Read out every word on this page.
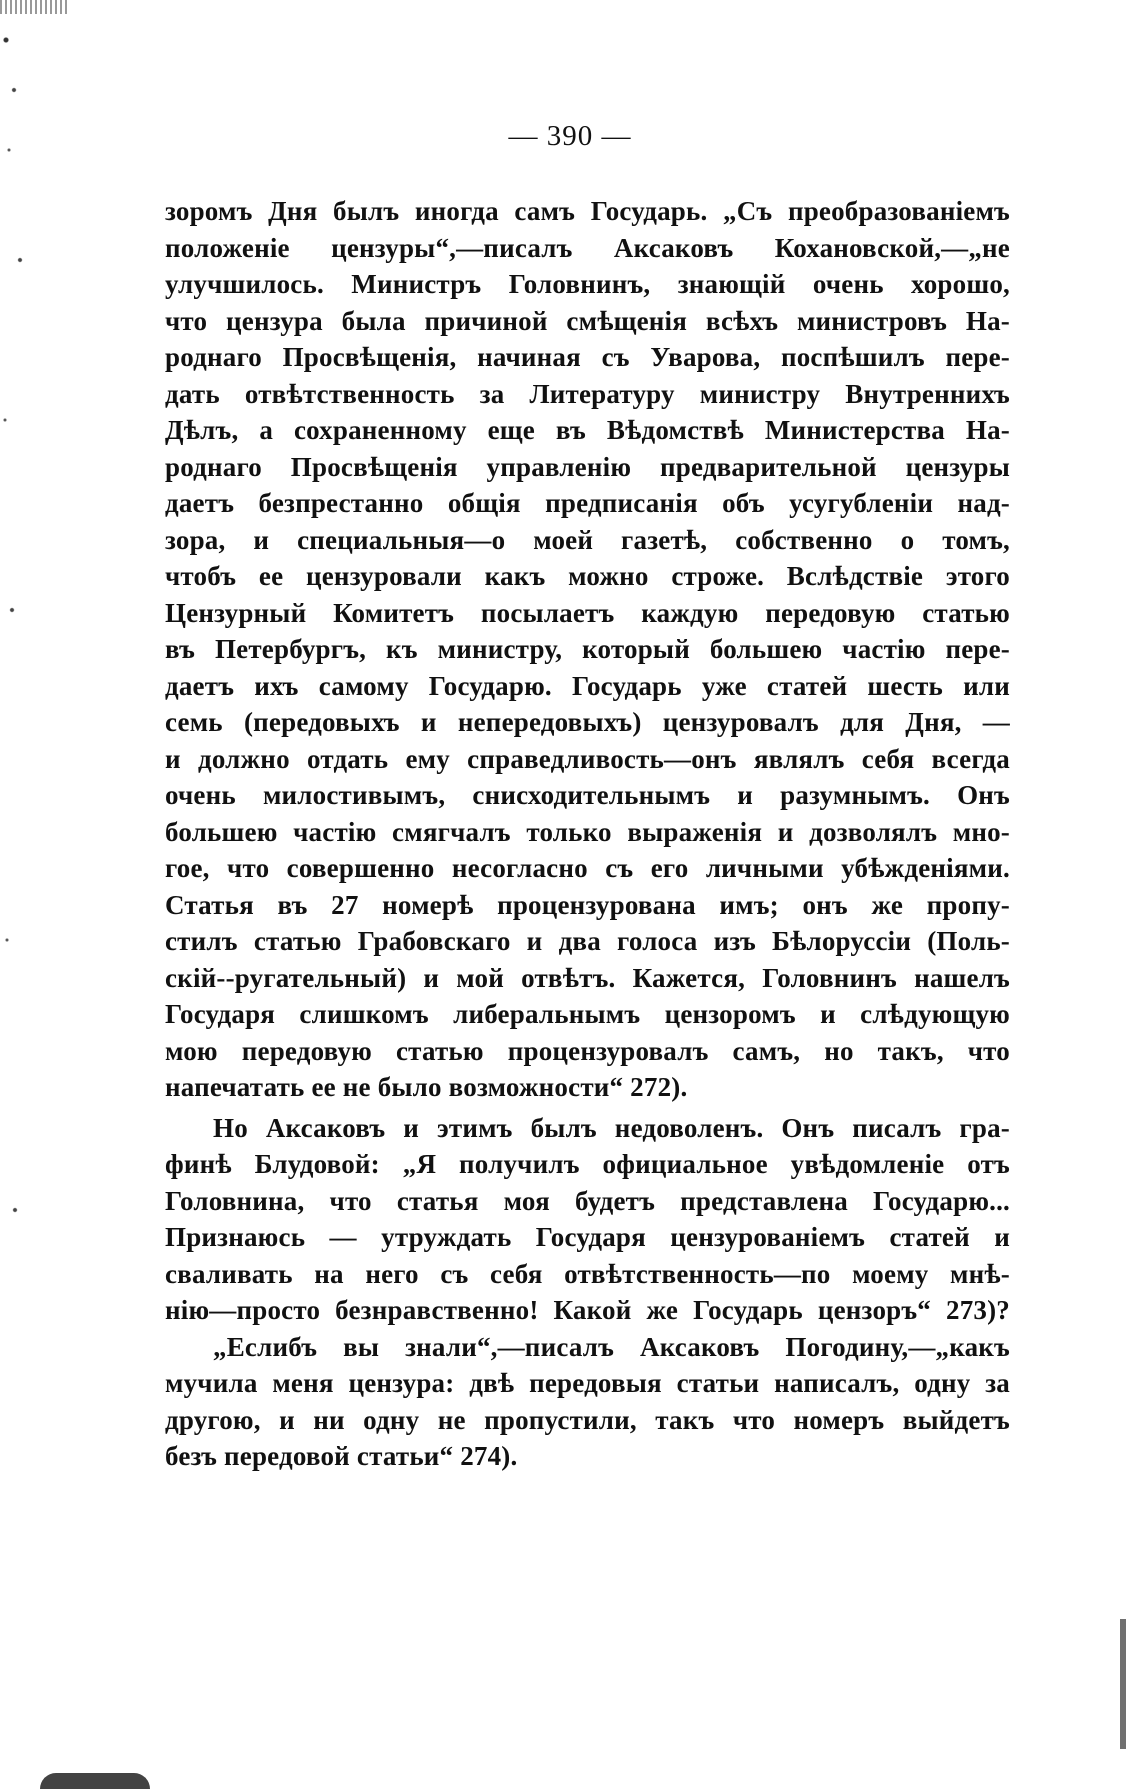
— 390 —
зоромъ Дня былъ иногда самъ Государь. „Съ преобразованіемъ
положеніе цензуры“,—писалъ Аксаковъ Кохановской,—„не
улучшилось. Министръ Головнинъ, знающій очень хорошо,
что цензура была причиной смѣщенія всѣхъ министровъ На-
роднаго Просвѣщенія, начиная съ Уварова, поспѣшилъ пере-
дать отвѣтственность за Литературу министру Внутреннихъ
Дѣлъ, а сохраненному еще въ Вѣдомствѣ Министерства На-
роднаго Просвѣщенія управленію предварительной цензуры
даетъ безпрестанно общія предписанія объ усугубленіи над-
зора, и специальныя—о моей газетѣ, собственно о томъ,
чтобъ ее цензуровали какъ можно строже. Вслѣдствіе этого
Цензурный Комитетъ посылаетъ каждую передовую статью
въ Петербургъ, къ министру, который большею частію пере-
даетъ ихъ самому Государю. Государь уже статей шесть или
семь (передовыхъ и непередовыхъ) цензуровалъ для Дня, —
и должно отдать ему справедливость—онъ являлъ себя всегда
очень милостивымъ, снисходительнымъ и разумнымъ. Онъ
большею частію смягчалъ только выраженія и дозволялъ мно-
гое, что совершенно несогласно съ его личными убѣжденіями.
Статья въ 27 номерѣ процензурована имъ; онъ же пропу-
стилъ статью Грабовскаго и два голоса изъ Бѣлоруссіи (Поль-
скій--ругательный) и мой отвѣтъ. Кажется, Головнинъ нашелъ
Государя слишкомъ либеральнымъ цензоромъ и слѣдующую
мою передовую статью процензуровалъ самъ, но такъ, что
напечатать ее не было возможности“ 272).
Но Аксаковъ и этимъ былъ недоволенъ. Онъ писалъ гра-
финѣ Блудовой: „Я получилъ официальное увѣдомленіе отъ
Головнина, что статья моя будетъ представлена Государю...
Признаюсь — утруждать Государя цензурованіемъ статей и
сваливать на него съ себя отвѣтственность—по моему мнѣ-
нію—просто безнравственно! Какой же Государь цензоръ“ 273)?
„Еслибъ вы знали“,—писалъ Аксаковъ Погодину,—„какъ
мучила меня цензура: двѣ передовыя статьи написалъ, одну за
другою, и ни одну не пропустили, такъ что номеръ выйдетъ
безъ передовой статьи“ 274).
